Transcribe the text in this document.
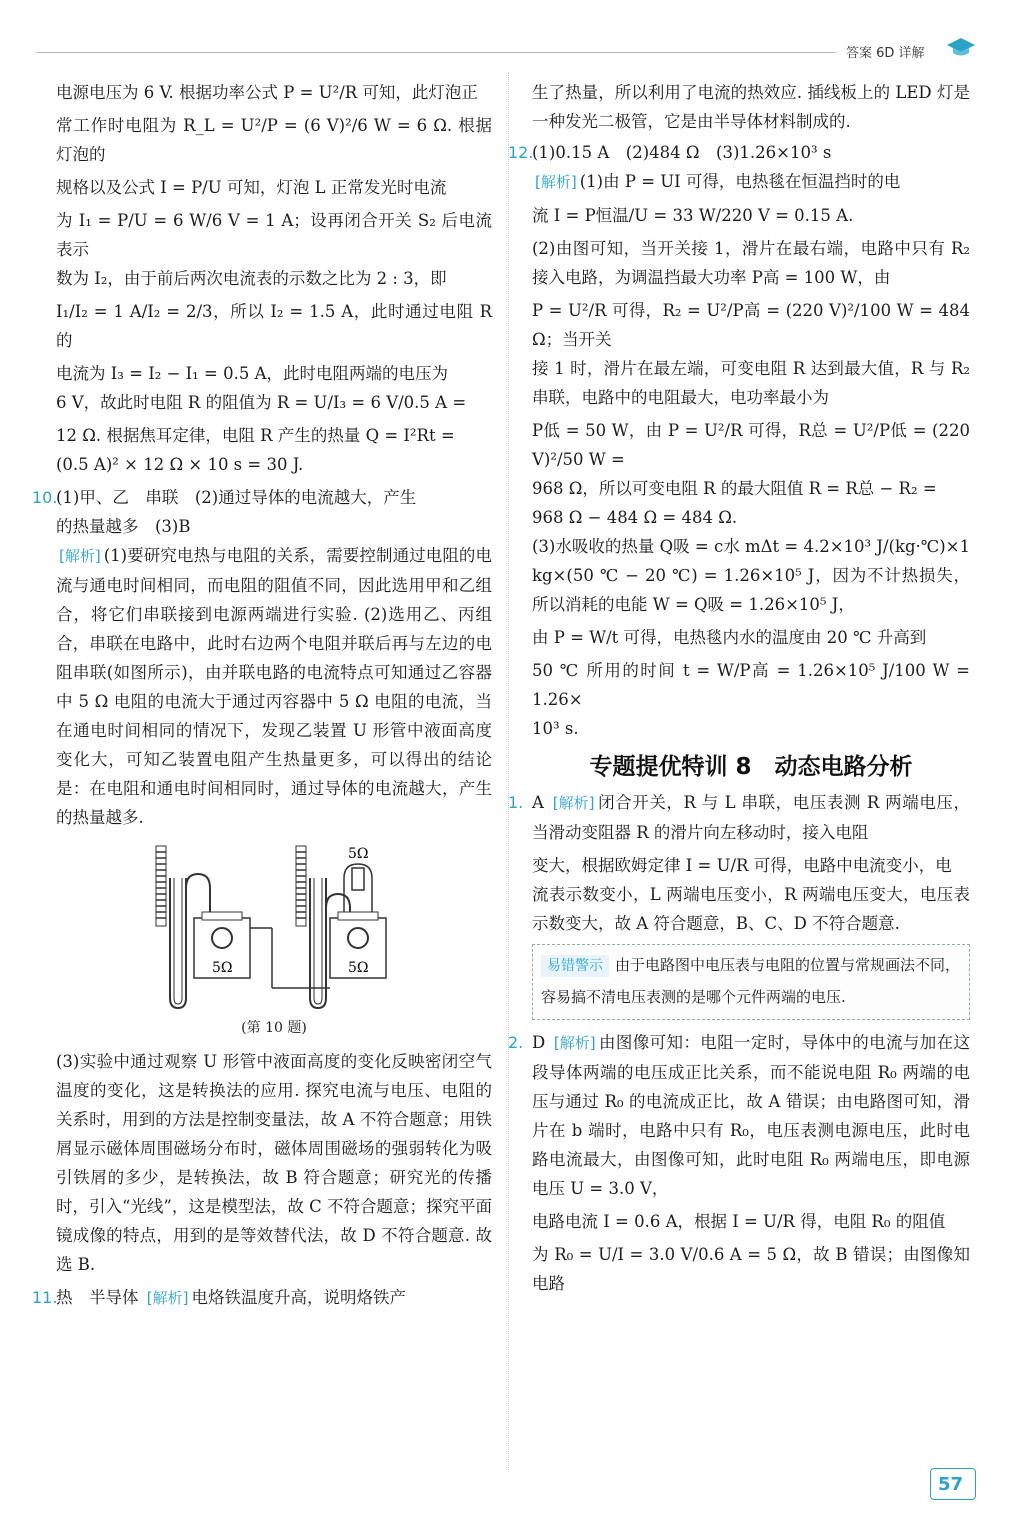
答案 6D 详解

电源电压为 6 V. 根据功率公式 P = U²/R 可知，此灯泡正

常工作时电阻为 R_L = U²/P = (6 V)²/6 W = 6 Ω. 根据灯泡的

规格以及公式 I = P/U 可知，灯泡 L 正常发光时电流

为 I₁ = P/U = 6 W/6 V = 1 A；设再闭合开关 S₂ 后电流表示

数为 I₂，由于前后两次电流表的示数之比为 2 : 3，即

I₁/I₂ = 1 A/I₂ = 2/3，所以 I₂ = 1.5 A，此时通过电阻 R 的

电流为 I₃ = I₂ − I₁ = 0.5 A，此时电阻两端的电压为

6 V，故此时电阻 R 的阻值为 R = U/I₃ = 6 V/0.5 A =

12 Ω. 根据焦耳定律，电阻 R 产生的热量 Q = I²Rt =

(0.5 A)² × 12 Ω × 10 s = 30 J.

10.(1)甲、乙　串联　(2)通过导体的电流越大，产生

的热量越多　(3)B

[ 解析 ] (1)要研究电热与电阻的关系，需要控制通过电阻的电流与通电时间相同，而电阻的阻值不同，因此选用甲和乙组合，将它们串联接到电源两端进行实验. (2)选用乙、丙组合，串联在电路中，此时右边两个电阻并联后再与左边的电阻串联(如图所示)，由并联电路的电流特点可知通过乙容器中 5 Ω 电阻的电流大于通过丙容器中 5 Ω 电阻的电流，当在通电时间相同的情况下，发现乙装置 U 形管中液面高度变化大，可知乙装置电阻产生热量更多，可以得出的结论是：在电阻和通电时间相同时，通过导体的电流越大，产生的热量越多.

5Ω	5Ω
5Ω
(第 10 题)

(3)实验中通过观察 U 形管中液面高度的变化反映密闭空气温度的变化，这是转换法的应用. 探究电流与电压、电阻的关系时，用到的方法是控制变量法，故 A 不符合题意；用铁屑显示磁体周围磁场分布时，磁体周围磁场的强弱转化为吸引铁屑的多少，是转换法，故 B 符合题意；研究光的传播时，引入“光线”，这是模型法，故 C 不符合题意；探究平面镜成像的特点，用到的是等效替代法，故 D 不符合题意. 故选 B.

11.热　半导体 [ 解析 ] 电烙铁温度升高，说明烙铁产

生了热量，所以利用了电流的热效应. 插线板上的 LED 灯是一种发光二极管，它是由半导体材料制成的.

12.(1)0.15 A　(2)484 Ω　(3)1.26×10³ s

[ 解析 ] (1)由 P = UI 可得，电热毯在恒温挡时的电

流 I = P恒温/U = 33 W/220 V = 0.15 A.

(2)由图可知，当开关接 1，滑片在最右端，电路中只有 R₂ 接入电路，为调温挡最大功率 P高 = 100 W，由

P = U²/R 可得，R₂ = U²/P高 = (220 V)²/100 W = 484 Ω；当开关

接 1 时，滑片在最左端，可变电阻 R 达到最大值，R 与 R₂ 串联，电路中的电阻最大，电功率最小为

P低 = 50 W，由 P = U²/R 可得，R总 = U²/P低 = (220 V)²/50 W =

968 Ω，所以可变电阻 R 的最大阻值 R = R总 − R₂ =

968 Ω − 484 Ω = 484 Ω.

(3)水吸收的热量 Q吸 = c水 mΔt = 4.2×10³ J/(kg·℃)×1 kg×(50 ℃ − 20 ℃) = 1.26×10⁵ J，因为不计热损失，所以消耗的电能 W = Q吸 = 1.26×10⁵ J，

由 P = W/t 可得，电热毯内水的温度由 20 ℃ 升高到

50 ℃ 所用的时间 t = W/P高 = 1.26×10⁵ J/100 W = 1.26×

10³ s.

专题提优特训 8　动态电路分析

1. A [ 解析 ] 闭合开关，R 与 L 串联，电压表测 R 两端电压，当滑动变阻器 R 的滑片向左移动时，接入电阻

变大，根据欧姆定律 I = U/R 可得，电路中电流变小，电

流表示数变小，L 两端电压变小，R 两端电压变大，电压表示数变大，故 A 符合题意，B、C、D 不符合题意.

易错警示 由于电路图中电压表与电阻的位置与常规画法不同，容易搞不清电压表测的是哪个元件两端的电压.

2. D [ 解析 ] 由图像可知：电阻一定时，导体中的电流与加在这段导体两端的电压成正比关系，而不能说电阻 R₀ 两端的电压与通过 R₀ 的电流成正比，故 A 错误；由电路图可知，滑片在 b 端时，电路中只有 R₀，电压表测电源电压，此时电路电流最大，由图像可知，此时电阻 R₀ 两端电压，即电源电压 U = 3.0 V，

电路电流 I = 0.6 A，根据 I = U/R 得，电阻 R₀ 的阻值

为 R₀ = U/I = 3.0 V/0.6 A = 5 Ω，故 B 错误；由图像知电路

57
